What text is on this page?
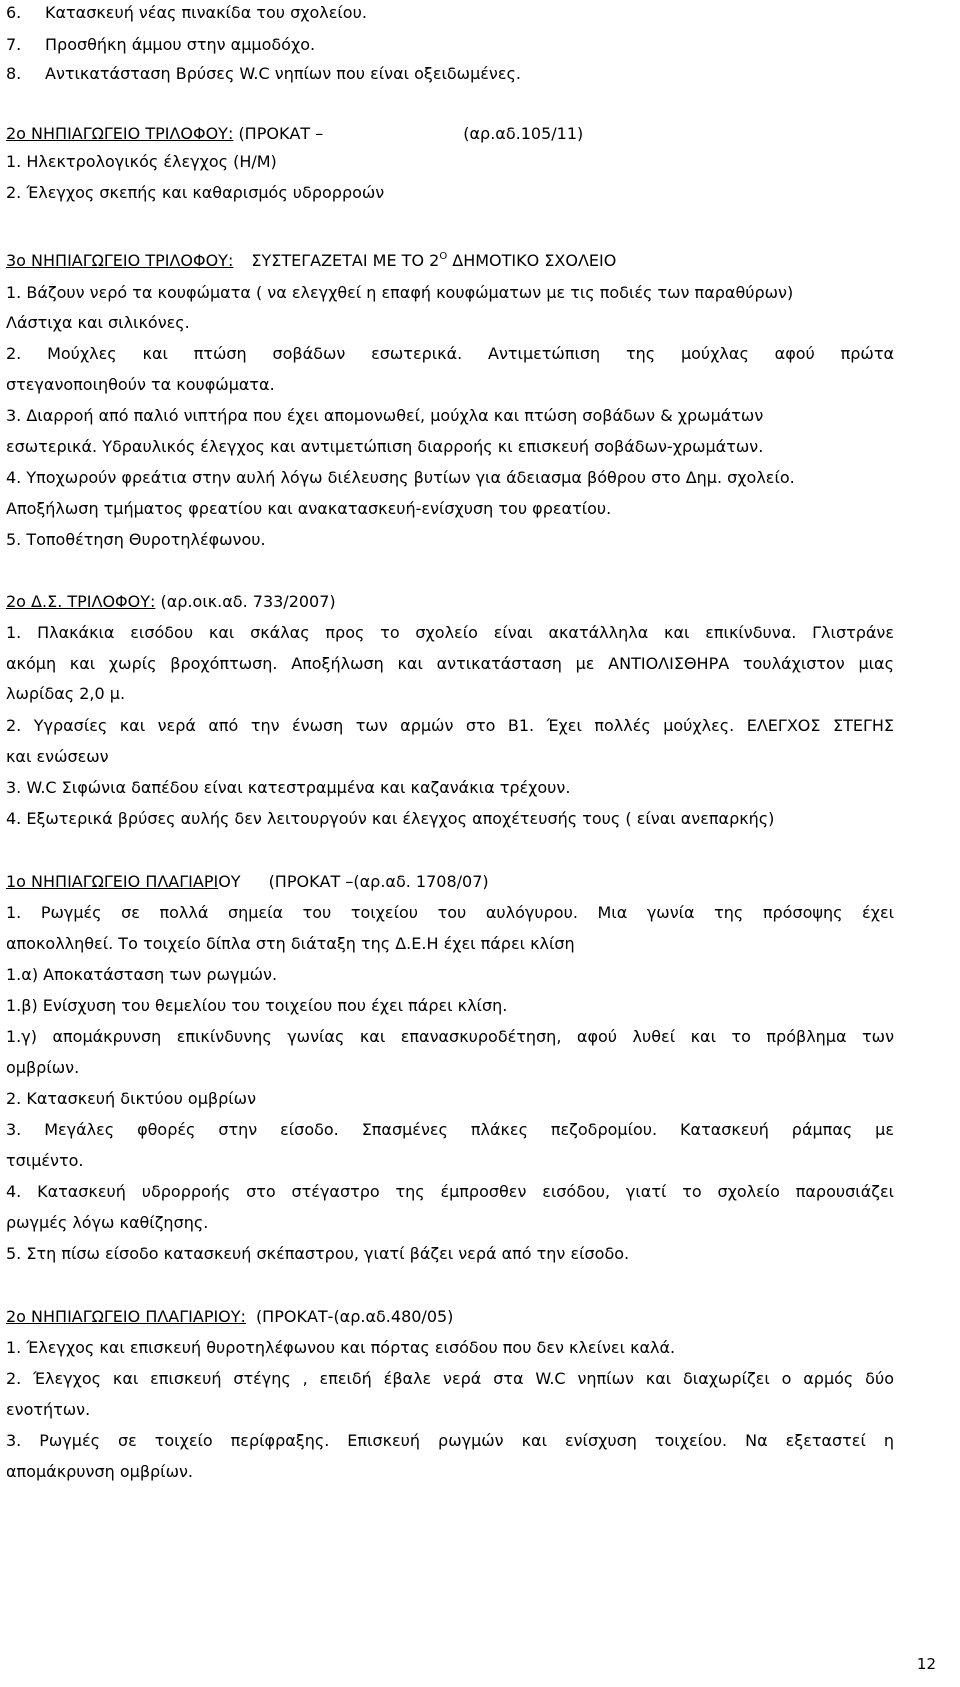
6. Κατασκευή νέας πινακίδα του σχολείου.
7. Προσθήκη άμμου στην αμμοδόχο.
8. Αντικατάσταση Βρύσες W.C νηπίων που είναι οξειδωμένες.
2ο ΝΗΠΙΑΓΩΓΕΙΟ ΤΡΙΛΟΦΟΥ: (ΠΡΟΚΑΤ –	(αρ.αδ.105/11)
1. Ηλεκτρολογικός έλεγχος (Η/Μ)
2. Έλεγχος σκεπής και καθαρισμός υδρορροών
3ο ΝΗΠΙΑΓΩΓΕΙΟ ΤΡΙΛΟΦΟΥ: ΣΥΣΤΕΓΑΖΕΤΑΙ ΜΕ ΤΟ $2^O$ ΔΗΜΟΤΙΚΟ ΣΧΟΛΕΙΟ
1. Βάζουν νερό τα κουφώματα ( να ελεγχθεί η επαφή κουφώματων με τις ποδιές των παραθύρων)
Λάστιχα και σιλικόνες.
2. Μούχλες και πτώση σοβάδων εσωτερικά. Αντιμετώπιση της μούχλας αφού πρώτα
στεγανοποιηθούν τα κουφώματα.
3. Διαρροή από παλιό νιπτήρα που έχει απομονωθεί, μούχλα και πτώση σοβάδων & χρωμάτων
εσωτερικά. Υδραυλικός έλεγχος και αντιμετώπιση διαρροής κι επισκευή σοβάδων-χρωμάτων.
4. Υποχωρούν φρεάτια στην αυλή λόγω διέλευσης βυτίων για άδειασμα βόθρου στο Δημ. σχολείο.
Αποξήλωση τμήματος φρεατίου και ανακατασκευή-ενίσχυση του φρεατίου.
5. Τοποθέτηση Θυροτηλέφωνου.
2ο Δ.Σ. ΤΡΙΛΟΦΟΥ: (αρ.οικ.αδ. 733/2007)
1. Πλακάκια εισόδου και σκάλας προς το σχολείο είναι ακατάλληλα και επικίνδυνα. Γλιστράνε
ακόμη και χωρίς βροχόπτωση. Αποξήλωση και αντικατάσταση με ΑΝΤΙΟΛΙΣΘΗΡΑ τουλάχιστον μιας
λωρίδας 2,0 μ.
2. Υγρασίες και νερά από την ένωση των αρμών στο Β1. Έχει πολλές μούχλες. ΕΛΕΓΧΟΣ ΣΤΕΓΗΣ
και ενώσεων
3. W.C Σιφώνια δαπέδου είναι κατεστραμμένα και καζανάκια τρέχουν.
4. Εξωτερικά βρύσες αυλής δεν λειτουργούν και έλεγχος αποχέτευσής τους ( είναι ανεπαρκής)
1ο ΝΗΠΙΑΓΩΓΕΙΟ ΠΛΑΓΙΑΡΙΟΥ (ΠΡΟΚΑΤ –(αρ.αδ. 1708/07)
1. Ρωγμές σε πολλά σημεία του τοιχείου του αυλόγυρου. Μια γωνία της πρόσοψης έχει
αποκολληθεί. Το τοιχείο δίπλα στη διάταξη της Δ.Ε.Η έχει πάρει κλίση
1.α) Αποκατάσταση των ρωγμών.
1.β) Ενίσχυση του θεμελίου του τοιχείου που έχει πάρει κλίση.
1.γ) απομάκρυνση επικίνδυνης γωνίας και επανασκυροδέτηση, αφού λυθεί και το πρόβλημα των
ομβρίων.
2. Κατασκευή δικτύου ομβρίων
3. Μεγάλες φθορές στην είσοδο. Σπασμένες πλάκες πεζοδρομίου. Κατασκευή ράμπας με
τσιμέντο.
4. Κατασκευή υδρορροής στο στέγαστρο της έμπροσθεν εισόδου, γιατί το σχολείο παρουσιάζει
ρωγμές λόγω καθίζησης.
5. Στη πίσω είσοδο κατασκευή σκέπαστρου, γιατί βάζει νερά από την είσοδο.
2ο ΝΗΠΙΑΓΩΓΕΙΟ ΠΛΑΓΙΑΡΙΟΥ: (ΠΡΟΚΑΤ-(αρ.αδ.480/05)
1. Έλεγχος και επισκευή θυροτηλέφωνου και πόρτας εισόδου που δεν κλείνει καλά.
2. Έλεγχος και επισκευή στέγης , επειδή έβαλε νερά στα W.C νηπίων και διαχωρίζει ο αρμός δύο
ενοτήτων.
3. Ρωγμές σε τοιχείο περίφραξης. Επισκευή ρωγμών και ενίσχυση τοιχείου. Να εξεταστεί η
απομάκρυνση ομβρίων.
12
